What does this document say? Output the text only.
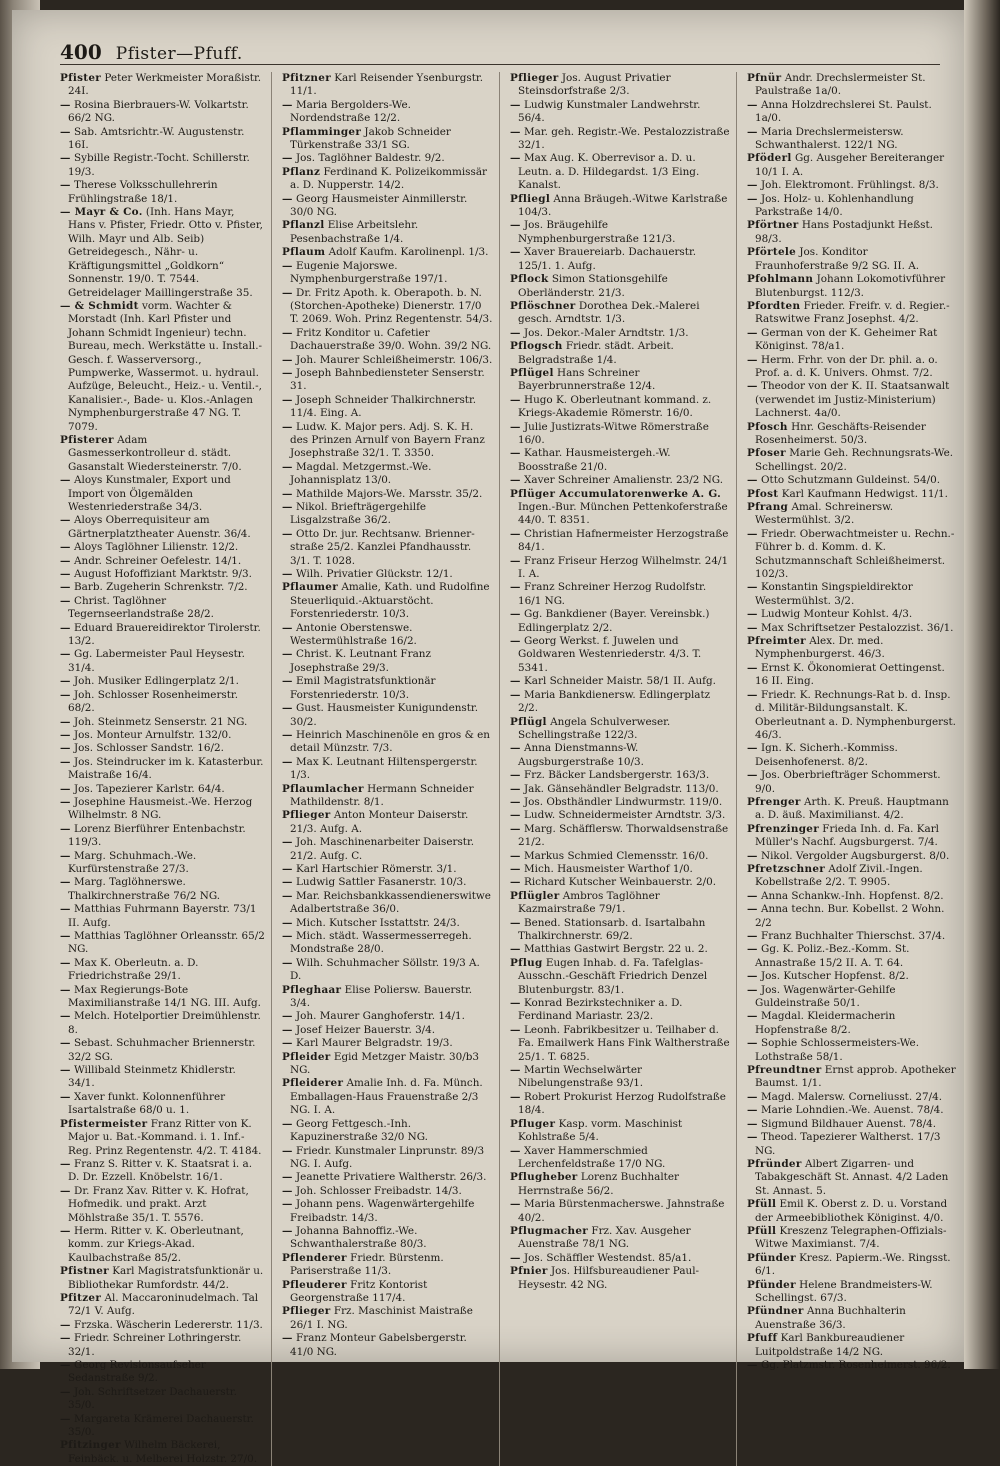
400 Pfister—Pfuff.

Pfister Peter Werkmeister Moraßistr. 24I.

— Rosina Bierbrauers-W. Volkartstr. 66/2 NG.

— Sab. Amtsrichtr.-W. Augustenstr. 16I.

— Sybille Registr.-Tocht. Schillerstr. 19/3.

— Therese Volksschullehrerin Frühlingstraße 18/1.

— Mayr & Co. (Inh. Hans Mayr, Hans v. Pfister, Friedr. Otto v. Pfister, Wilh. Mayr und Alb. Seib) Getreidegesch., Nähr- u. Kräftigungsmittel „Goldkorn“ Sonnenstr. 19/0. T. 7544. Getreidelager Maillingerstraße 35.

— & Schmidt vorm. Wachter & Morstadt (Inh. Karl Pfister und Johann Schmidt Ingenieur) techn. Bureau, mech. Werkstätte u. Install.-Gesch. f. Wasserversorg., Pumpwerke, Wassermot. u. hydraul. Aufzüge, Beleucht., Heiz.- u. Ventil.-, Kanalisier.-, Bade- u. Klos.-Anlagen Nymphenburgerstraße 47 NG. T. 7079.

Pfisterer Adam Gasmesserkontrolleur d. städt. Gasanstalt Wiedersteinerstr. 7/0.

— Aloys Kunstmaler, Export und Import von Ölgemälden Westenriederstraße 34/3.

— Aloys Oberrequisiteur am Gärtnerplatztheater Auenstr. 36/4.

— Aloys Taglöhner Lilienstr. 12/2.

— Andr. Schreiner Oefelestr. 14/1.

— August Hofoffiziant Marktstr. 9/3.

— Barb. Zugeherin Schrenkstr. 7/2.

— Christ. Taglöhner Tegernseerlandstraße 28/2.

— Eduard Brauereidirektor Tirolerstr. 13/2.

— Gg. Labermeister Paul Heysestr. 31/4.

— Joh. Musiker Edlingerplatz 2/1.

— Joh. Schlosser Rosenheimerstr. 68/2.

— Joh. Steinmetz Senserstr. 21 NG.

— Jos. Monteur Arnulfstr. 132/0.

— Jos. Schlosser Sandstr. 16/2.

— Jos. Steindrucker im k. Katasterbur. Maistraße 16/4.

— Jos. Tapezierer Karlstr. 64/4.

— Josephine Hausmeist.-We. Herzog Wilhelmstr. 8 NG.

— Lorenz Bierführer Entenbachstr. 119/3.

— Marg. Schuhmach.-We. Kurfürstenstraße 27/3.

— Marg. Taglöhnerswe. Thalkirchnerstraße 76/2 NG.

— Matthias Fuhrmann Bayerstr. 73/1 II. Aufg.

— Matthias Taglöhner Orleansstr. 65/2 NG.

— Max K. Oberleutn. a. D. Friedrichstraße 29/1.

— Max Regierungs-Bote Maximilianstraße 14/1 NG. III. Aufg.

— Melch. Hotelportier Dreimühlenstr. 8.

— Sebast. Schuhmacher Briennerstr. 32/2 SG.

— Willibald Steinmetz Khidlerstr. 34/1.

— Xaver funkt. Kolonnenführer Isartalstraße 68/0 u. 1.

Pfistermeister Franz Ritter von K. Major u. Bat.-Kommand. i. 1. Inf.-Reg. Prinz Regentenstr. 4/2. T. 4184.

— Franz S. Ritter v. K. Staatsrat i. a. D. Dr. Ezzell. Knöbelstr. 16/1.

— Dr. Franz Xav. Ritter v. K. Hofrat, Hofmedik. und prakt. Arzt Möhlstraße 35/1. T. 5576.

— Herm. Ritter v. K. Oberleutnant, komm. zur Kriegs-Akad. Kaulbachstraße 85/2.

Pfistner Karl Magistratsfunktionär u. Bibliothekar Rumfordstr. 44/2.

Pfitzer Al. Maccaroninudelmach. Tal 72/1 V. Aufg.

— Frzska. Wäscherin Ledererstr. 11/3.

— Friedr. Schreiner Lothringerstr. 32/1.

— Georg Revisionsaufseher Sedanstraße 9/2.

— Joh. Schriftsetzer Dachauerstr. 35/0.

— Margareta Krämerei Dachauerstr. 35/0.

Pfitzinger Wilhelm Bäckerei, Feinbäck. u. Melberei Holzstr. 27/0.

Pfitzner Karl Reisender Ysenburgstr. 11/1.

— Maria Bergolders-We. Nordendstraße 12/2.

Pflamminger Jakob Schneider Türkenstraße 33/1 SG.

— Jos. Taglöhner Baldestr. 9/2.

Pflanz Ferdinand K. Polizeikommissär a. D. Nupperstr. 14/2.

— Georg Hausmeister Ainmillerstr. 30/0 NG.

Pflanzl Elise Arbeitslehr. Pesenbachstraße 1/4.

Pflaum Adolf Kaufm. Karolinenpl. 1/3.

— Eugenie Majorswe. Nymphenburgerstraße 197/1.

— Dr. Fritz Apoth. k. Oberapoth. b. N. (Storchen-Apotheke) Dienerstr. 17/0 T. 2069. Woh. Prinz Regentenstr. 54/3.

— Fritz Konditor u. Cafetier Dachauerstraße 39/0. Wohn. 39/2 NG.

— Joh. Maurer Schleißheimerstr. 106/3.

— Joseph Bahnbediensteter Senserstr. 31.

— Joseph Schneider Thalkirchnerstr. 11/4. Eing. A.

— Ludw. K. Major pers. Adj. S. K. H. des Prinzen Arnulf von Bayern Franz Josephstraße 32/1. T. 3350.

— Magdal. Metzgermst.-We. Johannisplatz 13/0.

— Mathilde Majors-We. Marsstr. 35/2.

— Nikol. Briefträgergehilfe Lisgalzstraße 36/2.

— Otto Dr. jur. Rechtsanw. Brienner-straße 25/2. Kanzlei Pfandhausstr. 3/1. T. 1028.

— Wilh. Privatier Glückstr. 12/1.

Pflaumer Amalie, Kath. und Rudolfine Steuerliquid.-Aktuarstöcht. Forstenriederstr. 10/3.

— Antonie Oberstenswe. Westermühlstraße 16/2.

— Christ. K. Leutnant Franz Josephstraße 29/3.

— Emil Magistratsfunktionär Forstenriederstr. 10/3.

— Gust. Hausmeister Kunigundenstr. 30/2.

— Heinrich Maschinenöle en gros & en detail Münzstr. 7/3.

— Max K. Leutnant Hiltenspergerstr. 1/3.

Pflaumlacher Hermann Schneider Mathildenstr. 8/1.

Pflieger Anton Monteur Daiserstr. 21/3. Aufg. A.

— Joh. Maschinenarbeiter Daiserstr. 21/2. Aufg. C.

— Karl Hartschier Römerstr. 3/1.

— Ludwig Sattler Fasanerstr. 10/3.

— Mar. Reichsbankkassendienerswitwe Adalbertstraße 36/0.

— Mich. Kutscher Isstattstr. 24/3.

— Mich. städt. Wassermesserregeh. Mondstraße 28/0.

— Wilh. Schuhmacher Söllstr. 19/3 A. D.

Pfleghaar Elise Poliersw. Bauerstr. 3/4.

— Joh. Maurer Ganghoferstr. 14/1.

— Josef Heizer Bauerstr. 3/4.

— Karl Maurer Belgradstr. 19/3.

Pfleider Egid Metzger Maistr. 30/b3 NG.

Pfleiderer Amalie Inh. d. Fa. Münch. Emballagen-Haus Frauenstraße 2/3 NG. I. A.

— Georg Fettgesch.-Inh. Kapuzinerstraße 32/0 NG.

— Friedr. Kunstmaler Linprunstr. 89/3 NG. I. Aufg.

— Jeanette Privatiere Waltherstr. 26/3.

— Joh. Schlosser Freibadstr. 14/3.

— Johann pens. Wagenwärtergehilfe Freibadstr. 14/3.

— Johanna Bahnoffiz.-We. Schwanthalerstraße 80/3.

Pflenderer Friedr. Bürstenm. Pariserstraße 11/3.

Pfleuderer Fritz Kontorist Georgenstraße 117/4.

Pflieger Frz. Maschinist Maistraße 26/1 I. NG.

— Franz Monteur Gabelsbergerstr. 41/0 NG.

Pflieger Jos. August Privatier Steinsdorfstraße 2/3.

— Ludwig Kunstmaler Landwehrstr. 56/4.

— Mar. geh. Registr.-We. Pestalozzistraße 32/1.

— Max Aug. K. Oberrevisor a. D. u. Leutn. a. D. Hildegardst. 1/3 Eing. Kanalst.

Pfliegl Anna Bräugeh.-Witwe Karlstraße 104/3.

— Jos. Bräugehilfe Nymphenburgerstraße 121/3.

— Xaver Brauereiarb. Dachauerstr. 125/1. 1. Aufg.

Pflock Simon Stationsgehilfe Oberländerstr. 21/3.

Pflöschner Dorothea Dek.-Malerei gesch. Arndtstr. 1/3.

— Jos. Dekor.-Maler Arndtstr. 1/3.

Pflogsch Friedr. städt. Arbeit. Belgradstraße 1/4.

Pflügel Hans Schreiner Bayerbrunnerstraße 12/4.

— Hugo K. Oberleutnant kommand. z. Kriegs-Akademie Römerstr. 16/0.

— Julie Justizrats-Witwe Römerstraße 16/0.

— Kathar. Hausmeistergeh.-W. Boosstraße 21/0.

— Xaver Schreiner Amalienstr. 23/2 NG.

Pflüger Accumulatorenwerke A. G. Ingen.-Bur. München Pettenkoferstraße 44/0. T. 8351.

— Christian Hafnermeister Herzogstraße 84/1.

— Franz Friseur Herzog Wilhelmstr. 24/1 I. A.

— Franz Schreiner Herzog Rudolfstr. 16/1 NG.

— Gg. Bankdiener (Bayer. Vereinsbk.) Edlingerplatz 2/2.

— Georg Werkst. f. Juwelen und Goldwaren Westenriederstr. 4/3. T. 5341.

— Karl Schneider Maistr. 58/1 II. Aufg.

— Maria Bankdienersw. Edlingerplatz 2/2.

Pflügl Angela Schulverweser. Schellingstraße 122/3.

— Anna Dienstmanns-W. Augsburgerstraße 10/3.

— Frz. Bäcker Landsbergerstr. 163/3.

— Jak. Gänsehändler Belgradstr. 113/0.

— Jos. Obsthändler Lindwurmstr. 119/0.

— Ludw. Schneidermeister Arndtstr. 3/3.

— Marg. Schäfflersw. Thorwaldsenstraße 21/2.

— Markus Schmied Clemensstr. 16/0.

— Mich. Hausmeister Warthof 1/0.

— Richard Kutscher Weinbauerstr. 2/0.

Pflügler Ambros Taglöhner Kazmairstraße 79/1.

— Bened. Stationsarb. d. Isartalbahn Thalkirchnerstr. 69/2.

— Matthias Gastwirt Bergstr. 22 u. 2.

Pflug Eugen Inhab. d. Fa. Tafelglas-Ausschn.-Geschäft Friedrich Denzel Blutenburgstr. 83/1.

— Konrad Bezirkstechniker a. D. Ferdinand Mariastr. 23/2.

— Leonh. Fabrikbesitzer u. Teilhaber d. Fa. Emailwerk Hans Fink Waltherstraße 25/1. T. 6825.

— Martin Wechselwärter Nibelungenstraße 93/1.

— Robert Prokurist Herzog Rudolfstraße 18/4.

Pfluger Kasp. vorm. Maschinist Kohlstraße 5/4.

— Xaver Hammerschmied Lerchenfeldstraße 17/0 NG.

Pflugheber Lorenz Buchhalter Herrnstraße 56/2.

— Maria Bürstenmacherswe. Jahnstraße 40/2.

Pflugmacher Frz. Xav. Ausgeher Auenstraße 78/1 NG.

— Jos. Schäffler Westendst. 85/a1.

Pfnier Jos. Hilfsbureaudiener Paul-Heysestr. 42 NG.

Pfnür Andr. Drechslermeister St. Paulstraße 1a/0.

— Anna Holzdrechslerei St. Paulst. 1a/0.

— Maria Drechslermeistersw. Schwanthalerst. 122/1 NG.

Pföderl Gg. Ausgeher Bereiteranger 10/1 I. A.

— Joh. Elektromont. Frühlingst. 8/3.

— Jos. Holz- u. Kohlenhandlung Parkstraße 14/0.

Pförtner Hans Postadjunkt Heßst. 98/3.

Pförtele Jos. Konditor Fraunhoferstraße 9/2 SG. II. A.

Pfohlmann Johann Lokomotivführer Blutenburgst. 112/3.

Pfordten Frieder. Freifr. v. d. Regier.-Ratswitwe Franz Josephst. 4/2.

— German von der K. Geheimer Rat Königinst. 78/a1.

— Herm. Frhr. von der Dr. phil. a. o. Prof. a. d. K. Univers. Ohmst. 7/2.

— Theodor von der K. II. Staatsanwalt (verwendet im Justiz-Ministerium) Lachnerst. 4a/0.

Pfosch Hnr. Geschäfts-Reisender Rosenheimerst. 50/3.

Pfoser Marie Geh. Rechnungsrats-We. Schellingst. 20/2.

— Otto Schutzmann Guldeinst. 54/0.

Pfost Karl Kaufmann Hedwigst. 11/1.

Pfrang Amal. Schreinersw. Westermühlst. 3/2.

— Friedr. Oberwachtmeister u. Rechn.-Führer b. d. Komm. d. K. Schutzmannschaft Schleißheimerst. 102/3.

— Konstantin Singspieldirektor Westermühlst. 3/2.

— Ludwig Monteur Kohlst. 4/3.

— Max Schriftsetzer Pestalozzist. 36/1.

Pfreimter Alex. Dr. med. Nymphenburgerst. 46/3.

— Ernst K. Ökonomierat Oettingenst. 16 II. Eing.

— Friedr. K. Rechnungs-Rat b. d. Insp. d. Militär-Bildungsanstalt. K. Oberleutnant a. D. Nymphenburgerst. 46/3.

— Ign. K. Sicherh.-Kommiss. Deisenhofenerst. 8/2.

— Jos. Oberbriefträger Schommerst. 9/0.

Pfrenger Arth. K. Preuß. Hauptmann a. D. äuß. Maximilianst. 4/2.

Pfrenzinger Frieda Inh. d. Fa. Karl Müller's Nachf. Augsburgerst. 7/4.

— Nikol. Vergolder Augsburgerst. 8/0.

Pfretzschner Adolf Zivil.-Ingen. Kobellstraße 2/2. T. 9905.

— Anna Schankw.-Inh. Hopfenst. 8/2.

— Anna techn. Bur. Kobellst. 2 Wohn. 2/2

— Franz Buchhalter Thierschst. 37/4.

— Gg. K. Poliz.-Bez.-Komm. St. Annastraße 15/2 II. A. T. 64.

— Jos. Kutscher Hopfenst. 8/2.

— Jos. Wagenwärter-Gehilfe Guldeinstraße 50/1.

— Magdal. Kleidermacherin Hopfenstraße 8/2.

— Sophie Schlossermeisters-We. Lothstraße 58/1.

Pfreundtner Ernst approb. Apotheker Baumst. 1/1.

— Magd. Malersw. Corneliusst. 27/4.

— Marie Lohndien.-We. Auenst. 78/4.

— Sigmund Bildhauer Auenst. 78/4.

— Theod. Tapezierer Waltherst. 17/3 NG.

Pfründer Albert Zigarren- und Tabakgeschäft St. Annast. 4/2 Laden St. Annast. 5.

Pfüll Emil K. Oberst z. D. u. Vorstand der Armeebibliothek Königinst. 4/0.

Pfüll Kreszenz Telegraphen-Offizials-Witwe Maximianst. 7/4.

Pfünder Kresz. Papierm.-We. Ringsst. 6/1.

Pfünder Helene Brandmeisters-W. Schellingst. 67/3.

Pfündner Anna Buchhalterin Auenstraße 36/3.

Pfuff Karl Bankbureaudiener Luitpoldstraße 14/2 NG.

— Gg. Platzmstr. Rosenheimerst. 96/2.
